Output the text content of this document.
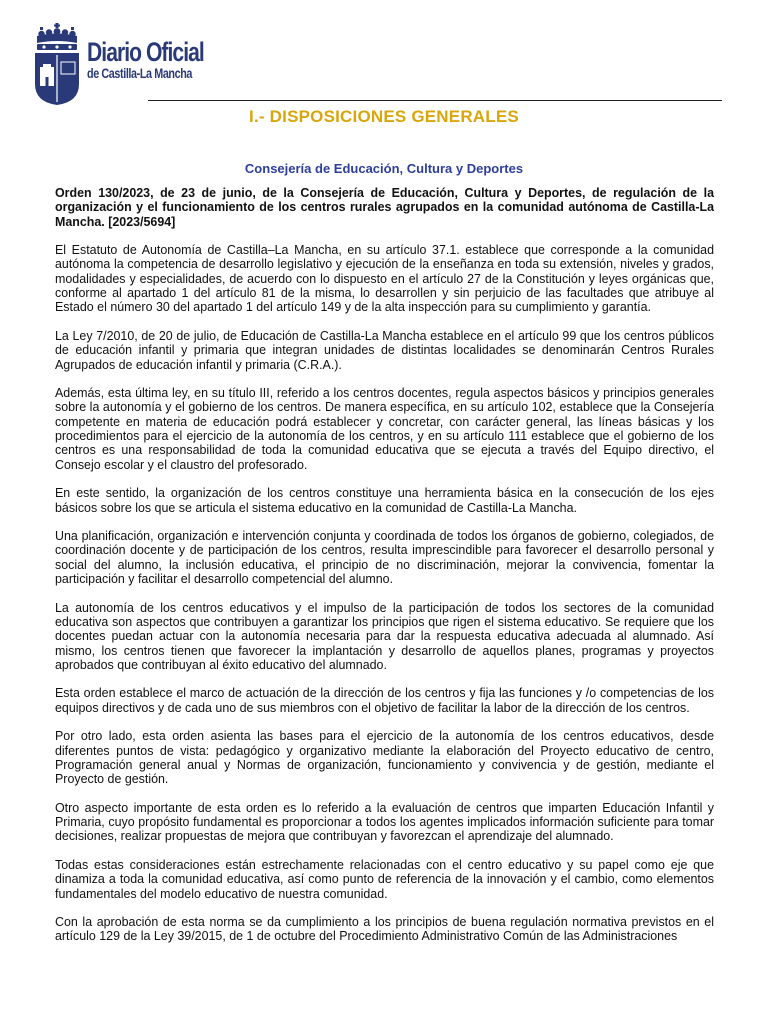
Diario Oficial
de Castilla-La Mancha
I.- DISPOSICIONES GENERALES
Consejería de Educación, Cultura y Deportes

Orden 130/2023, de 23 de junio, de la Consejería de Educación, Cultura y Deportes, de regulación de la organización y el funcionamiento de los centros rurales agrupados en la comunidad autónoma de Castilla-La Mancha. [2023/5694]

El Estatuto de Autonomía de Castilla–La Mancha, en su artículo 37.1. establece que corresponde a la comunidad autónoma la competencia de desarrollo legislativo y ejecución de la enseñanza en toda su extensión, niveles y grados, modalidades y especialidades, de acuerdo con lo dispuesto en el artículo 27 de la Constitución y leyes orgánicas que, conforme al apartado 1 del artículo 81 de la misma, lo desarrollen y sin perjuicio de las facultades que atribuye al Estado el número 30 del apartado 1 del artículo 149 y de la alta inspección para su cumplimiento y garantía.

La Ley 7/2010, de 20 de julio, de Educación de Castilla-La Mancha establece en el artículo 99 que los centros públicos de educación infantil y primaria que integran unidades de distintas localidades se denominarán Centros Rurales Agrupados de educación infantil y primaria (C.R.A.).

Además, esta última ley, en su título III, referido a los centros docentes, regula aspectos básicos y principios generales sobre la autonomía y el gobierno de los centros. De manera específica, en su artículo 102, establece que la Consejería competente en materia de educación podrá establecer y concretar, con carácter general, las líneas básicas y los procedimientos para el ejercicio de la autonomía de los centros, y en su artículo 111 establece que el gobierno de los centros es una responsabilidad de toda la comunidad educativa que se ejecuta a través del Equipo directivo, el Consejo escolar y el claustro del profesorado.

En este sentido, la organización de los centros constituye una herramienta básica en la consecución de los ejes básicos sobre los que se articula el sistema educativo en la comunidad de Castilla-La Mancha.

Una planificación, organización e intervención conjunta y coordinada de todos los órganos de gobierno, colegiados, de coordinación docente y de participación de los centros, resulta imprescindible para favorecer el desarrollo personal y social del alumno, la inclusión educativa, el principio de no discriminación, mejorar la convivencia, fomentar la participación y facilitar el desarrollo competencial del alumno.

La autonomía de los centros educativos y el impulso de la participación de todos los sectores de la comunidad educativa son aspectos que contribuyen a garantizar los principios que rigen el sistema educativo. Se requiere que los docentes puedan actuar con la autonomía necesaria para dar la respuesta educativa adecuada al alumnado. Así mismo, los centros tienen que favorecer la implantación y desarrollo de aquellos planes, programas y proyectos aprobados que contribuyan al éxito educativo del alumnado.

Esta orden establece el marco de actuación de la dirección de los centros y fija las funciones y /o competencias de los equipos directivos y de cada uno de sus miembros con el objetivo de facilitar la labor de la dirección de los centros.

Por otro lado, esta orden asienta las bases para el ejercicio de la autonomía de los centros educativos, desde diferentes puntos de vista: pedagógico y organizativo mediante la elaboración del Proyecto educativo de centro, Programación general anual y Normas de organización, funcionamiento y convivencia y de gestión, mediante el Proyecto de gestión.

Otro aspecto importante de esta orden es lo referido a la evaluación de centros que imparten Educación Infantil y Primaria, cuyo propósito fundamental es proporcionar a todos los agentes implicados información suficiente para tomar decisiones, realizar propuestas de mejora que contribuyan y favorezcan el aprendizaje del alumnado.

Todas estas consideraciones están estrechamente relacionadas con el centro educativo y su papel como eje que dinamiza a toda la comunidad educativa, así como punto de referencia de la innovación y el cambio, como elementos fundamentales del modelo educativo de nuestra comunidad.

Con la aprobación de esta norma se da cumplimiento a los principios de buena regulación normativa previstos en el artículo 129 de la Ley 39/2015, de 1 de octubre del Procedimiento Administrativo Común de las Administraciones
